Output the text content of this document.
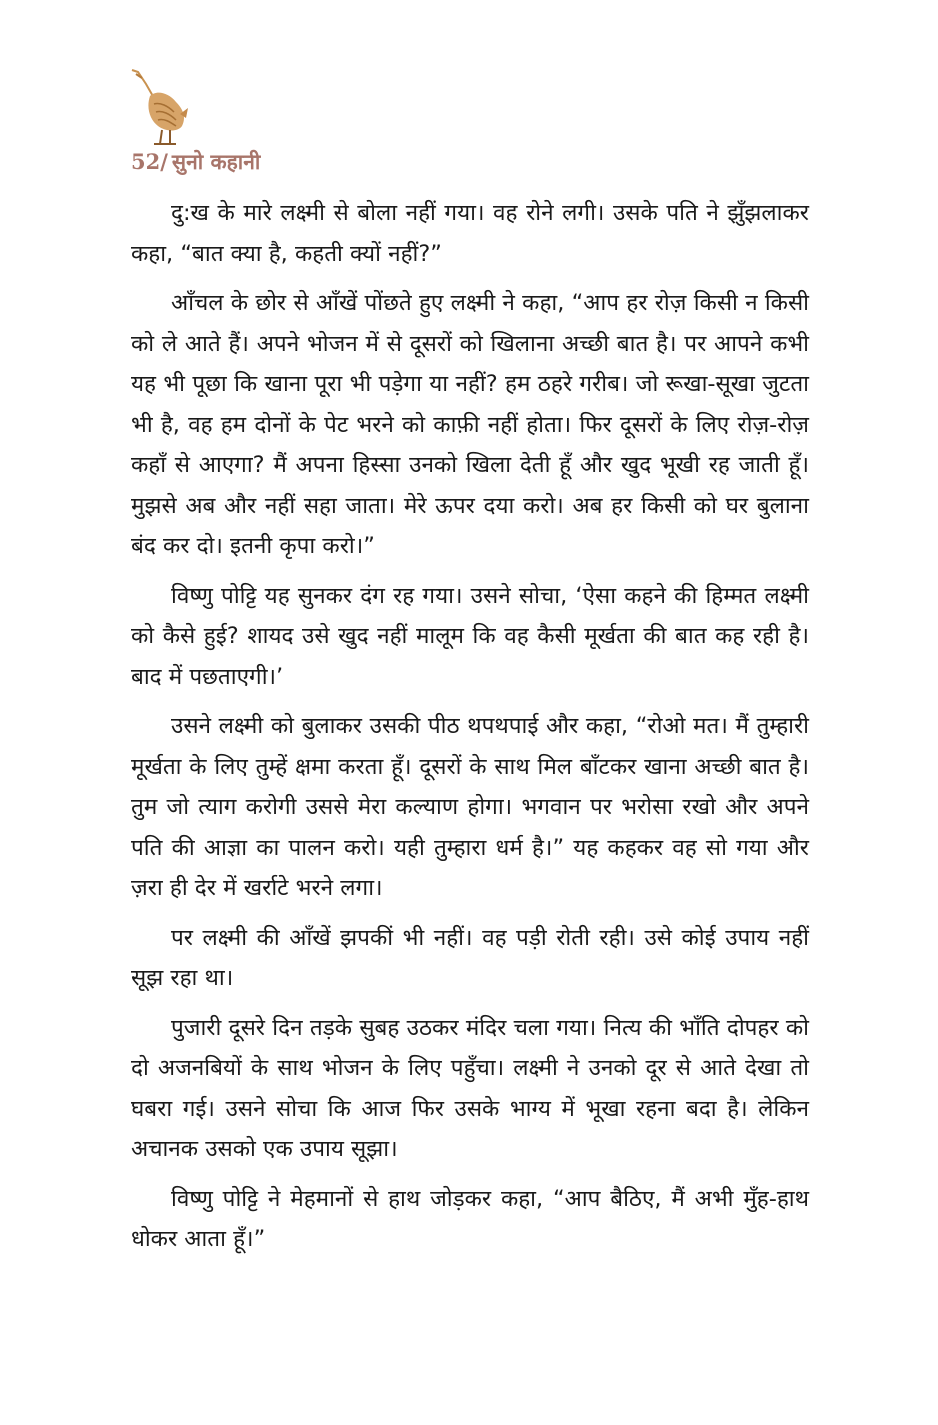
52/ सुनो कहानी

दु:ख के मारे लक्ष्मी से बोला नहीं गया। वह रोने लगी। उसके पति ने झुँझलाकर कहा, “बात क्या है, कहती क्यों नहीं?”

आँचल के छोर से आँखें पोंछते हुए लक्ष्मी ने कहा, “आप हर रोज़ किसी न किसी को ले आते हैं। अपने भोजन में से दूसरों को खिलाना अच्छी बात है। पर आपने कभी यह भी पूछा कि खाना पूरा भी पड़ेगा या नहीं? हम ठहरे गरीब। जो रूखा-सूखा जुटता भी है, वह हम दोनों के पेट भरने को काफ़ी नहीं होता। फिर दूसरों के लिए रोज़-रोज़ कहाँ से आएगा? मैं अपना हिस्सा उनको खिला देती हूँ और खुद भूखी रह जाती हूँ। मुझसे अब और नहीं सहा जाता। मेरे ऊपर दया करो। अब हर किसी को घर बुलाना बंद कर दो। इतनी कृपा करो।”

विष्णु पोट्टि यह सुनकर दंग रह गया। उसने सोचा, ‘ऐसा कहने की हिम्मत लक्ष्मी को कैसे हुई? शायद उसे खुद नहीं मालूम कि वह कैसी मूर्खता की बात कह रही है। बाद में पछताएगी।’

उसने लक्ष्मी को बुलाकर उसकी पीठ थपथपाई और कहा, “रोओ मत। मैं तुम्हारी मूर्खता के लिए तुम्हें क्षमा करता हूँ। दूसरों के साथ मिल बाँटकर खाना अच्छी बात है। तुम जो त्याग करोगी उससे मेरा कल्याण होगा। भगवान पर भरोसा रखो और अपने पति की आज्ञा का पालन करो। यही तुम्हारा धर्म है।” यह कहकर वह सो गया और ज़रा ही देर में खर्राटे भरने लगा।

पर लक्ष्मी की आँखें झपकीं भी नहीं। वह पड़ी रोती रही। उसे कोई उपाय नहीं सूझ रहा था।

पुजारी दूसरे दिन तड़के सुबह उठकर मंदिर चला गया। नित्य की भाँति दोपहर को दो अजनबियों के साथ भोजन के लिए पहुँचा। लक्ष्मी ने उनको दूर से आते देखा तो घबरा गई। उसने सोचा कि आज फिर उसके भाग्य में भूखा रहना बदा है। लेकिन अचानक उसको एक उपाय सूझा।

विष्णु पोट्टि ने मेहमानों से हाथ जोड़कर कहा, “आप बैठिए, मैं अभी मुँह-हाथ धोकर आता हूँ।”
